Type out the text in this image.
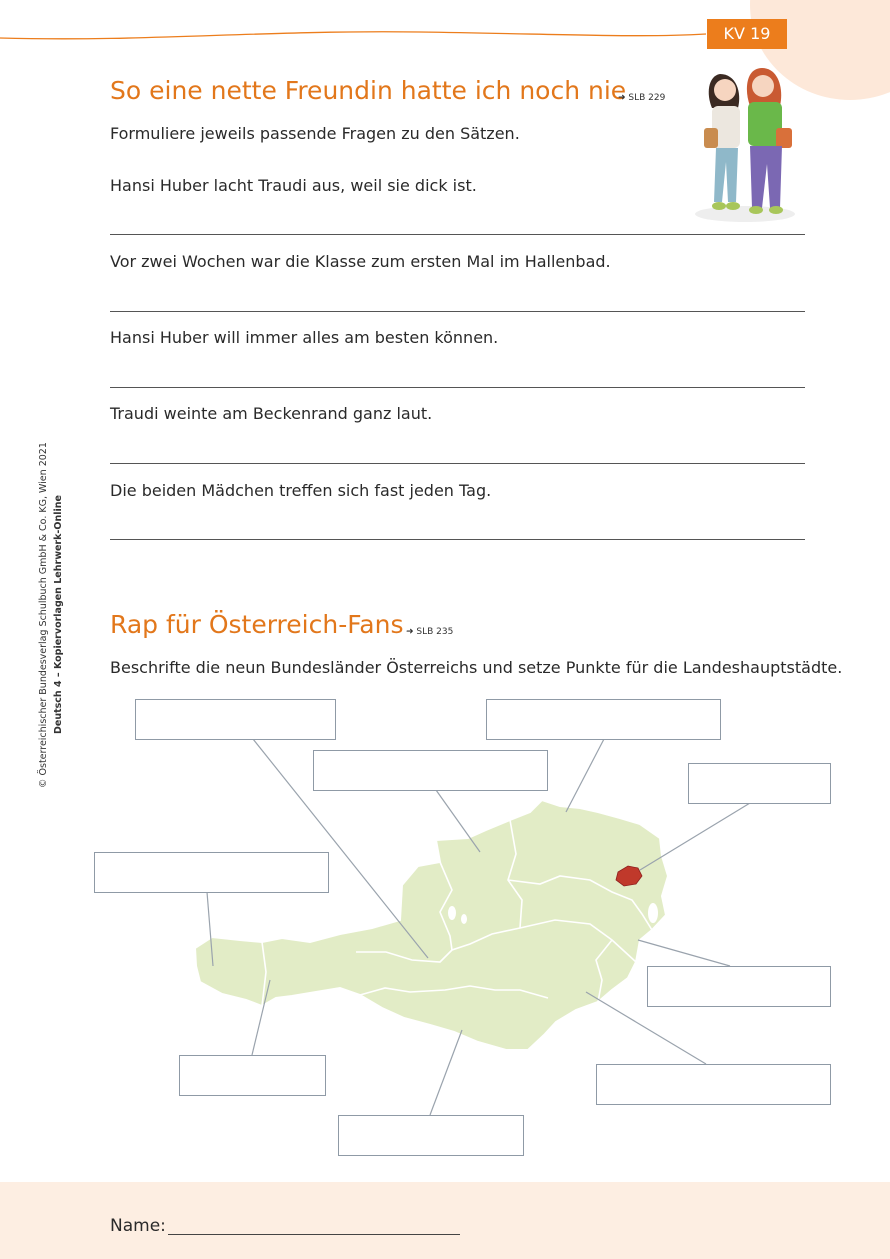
KV 19
© Österreichischer Bundesverlag Schulbuch GmbH & Co. KG, Wien 2021 Deutsch 4 – Kopiervorlagen Lehrwerk-Online
So eine nette Freundin hatte ich noch nie
➜ SLB 229
Formuliere jeweils passende Fragen zu den Sätzen.
Hansi Huber lacht Traudi aus, weil sie dick ist.
Vor zwei Wochen war die Klasse zum ersten Mal im Hallenbad.
Hansi Huber will immer alles am besten können.
Traudi weinte am Beckenrand ganz laut.
Die beiden Mädchen treffen sich fast jeden Tag.
Rap für Österreich-Fans ➜ SLB 235
Beschrifte die neun Bundesländer Österreichs und setze Punkte für die Landeshauptstädte.
Name:
